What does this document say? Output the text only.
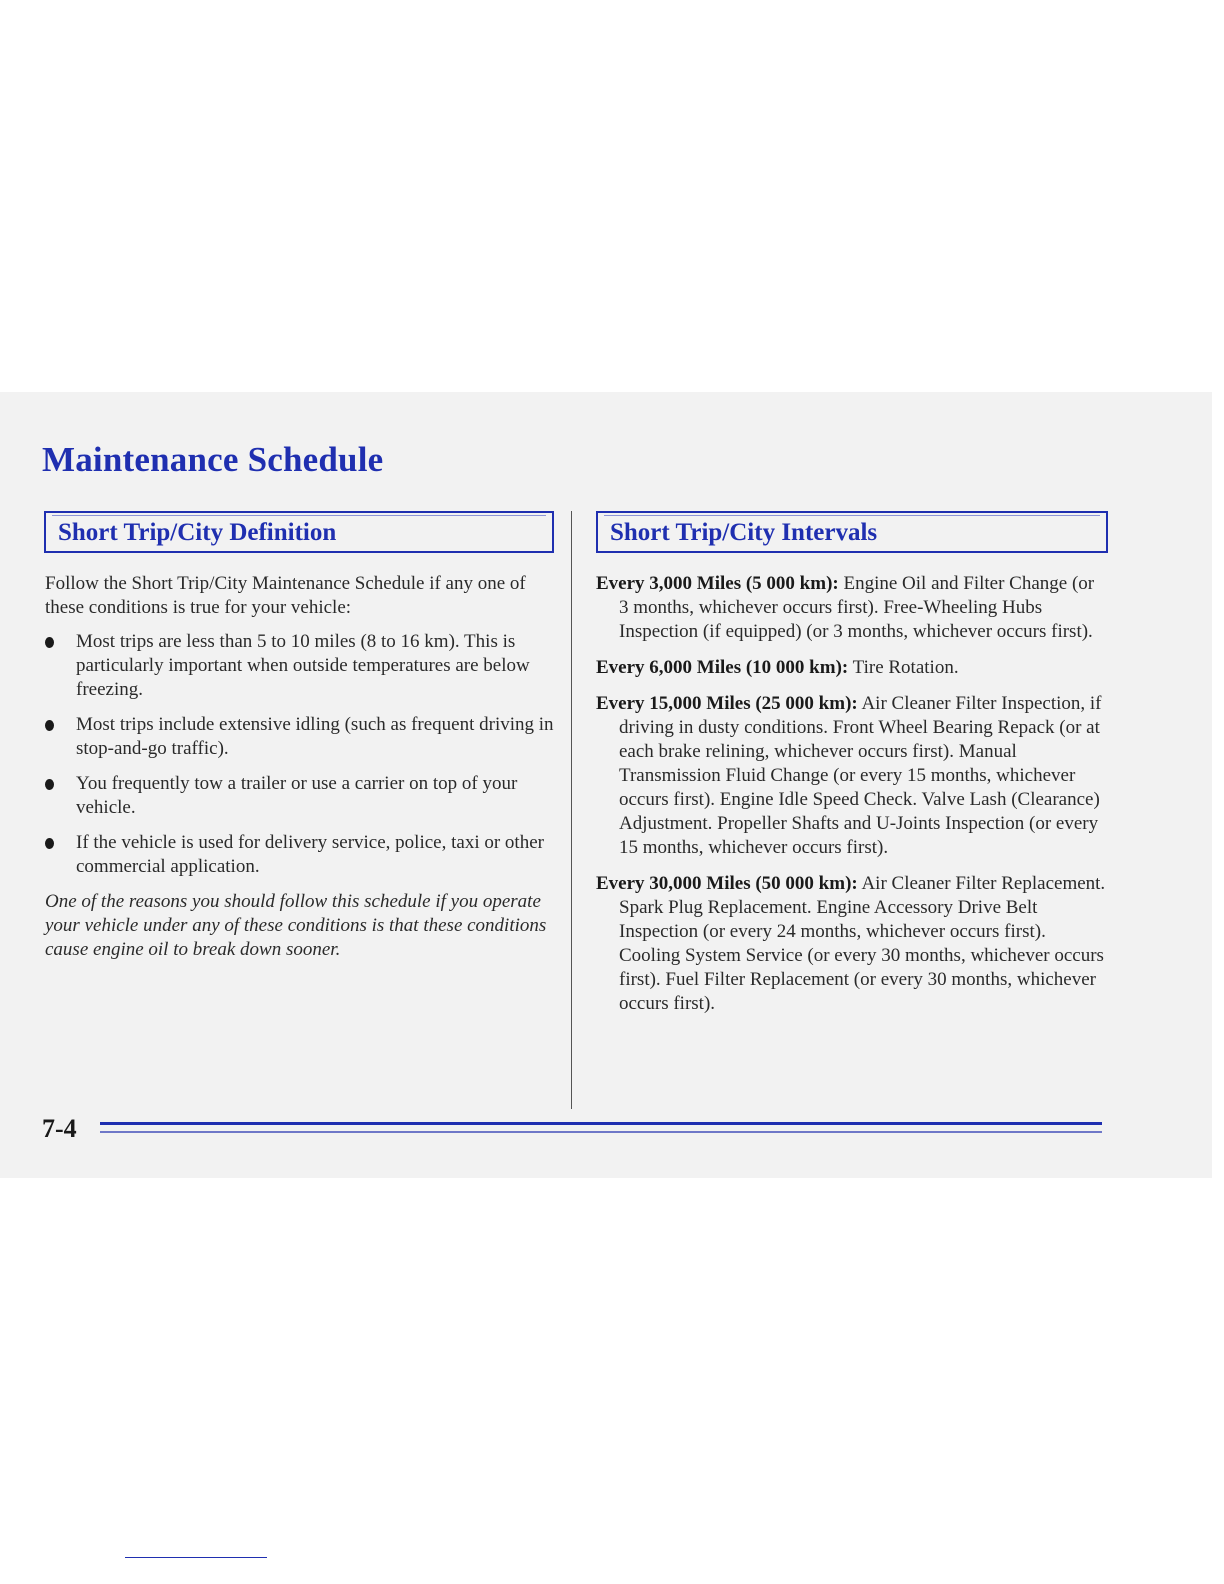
Maintenance Schedule
Short Trip/City Definition	Short Trip/City Intervals

Follow the Short Trip/City Maintenance Schedule if any one of these conditions is true for your vehicle:

Most trips are less than 5 to 10 miles (8 to 16 km). This is particularly important when outside temperatures are below freezing.
Most trips include extensive idling (such as frequent driving in stop-and-go traffic).
You frequently tow a trailer or use a carrier on top of your vehicle.
If the vehicle is used for delivery service, police, taxi or other commercial application.

One of the reasons you should follow this schedule if you operate your vehicle under any of these conditions is that these conditions cause engine oil to break down sooner.

Every 3,000 Miles (5 000 km): Engine Oil and Filter Change (or 3 months, whichever occurs first). Free-Wheeling Hubs Inspection (if equipped) (or 3 months, whichever occurs first).

Every 6,000 Miles (10 000 km): Tire Rotation.

Every 15,000 Miles (25 000 km): Air Cleaner Filter Inspection, if driving in dusty conditions. Front Wheel Bearing Repack (or at each brake relining, whichever occurs first). Manual Transmission Fluid Change (or every 15 months, whichever occurs first). Engine Idle Speed Check. Valve Lash (Clearance) Adjustment. Propeller Shafts and U-Joints Inspection (or every 15 months, whichever occurs first).

Every 30,000 Miles (50 000 km): Air Cleaner Filter Replacement. Spark Plug Replacement. Engine Accessory Drive Belt Inspection (or every 24 months, whichever occurs first). Cooling System Service (or every 30 months, whichever occurs first). Fuel Filter Replacement (or every 30 months, whichever occurs first).

7-4
